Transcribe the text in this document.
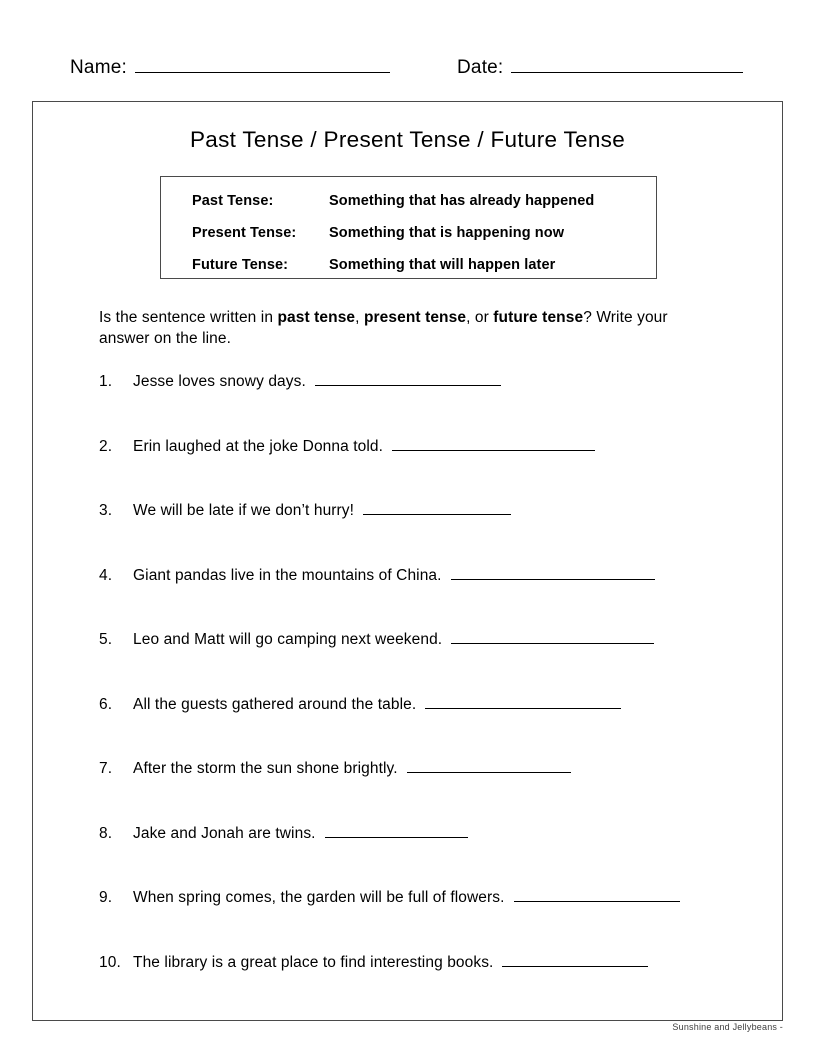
Name:	Date:
Past Tense / Present Tense / Future Tense
Past Tense:	Something that has already happened
Present Tense: Something that is happening now
Future Tense:	Something that will happen later
Is the sentence written in past tense, present tense, or future tense? Write your answer on the line.
1.	Jesse loves snowy days.
2.	Erin laughed at the joke Donna told.
3.	We will be late if we don’t hurry!
4.	Giant pandas live in the mountains of China.
5.	Leo and Matt will go camping next weekend.
6.	All the guests gathered around the table.
7.	After the storm the sun shone brightly.
8.	Jake and Jonah are twins.
9.	When spring comes, the garden will be full of flowers.
10. The library is a great place to find interesting books.
Sunshine and Jellybeans -
